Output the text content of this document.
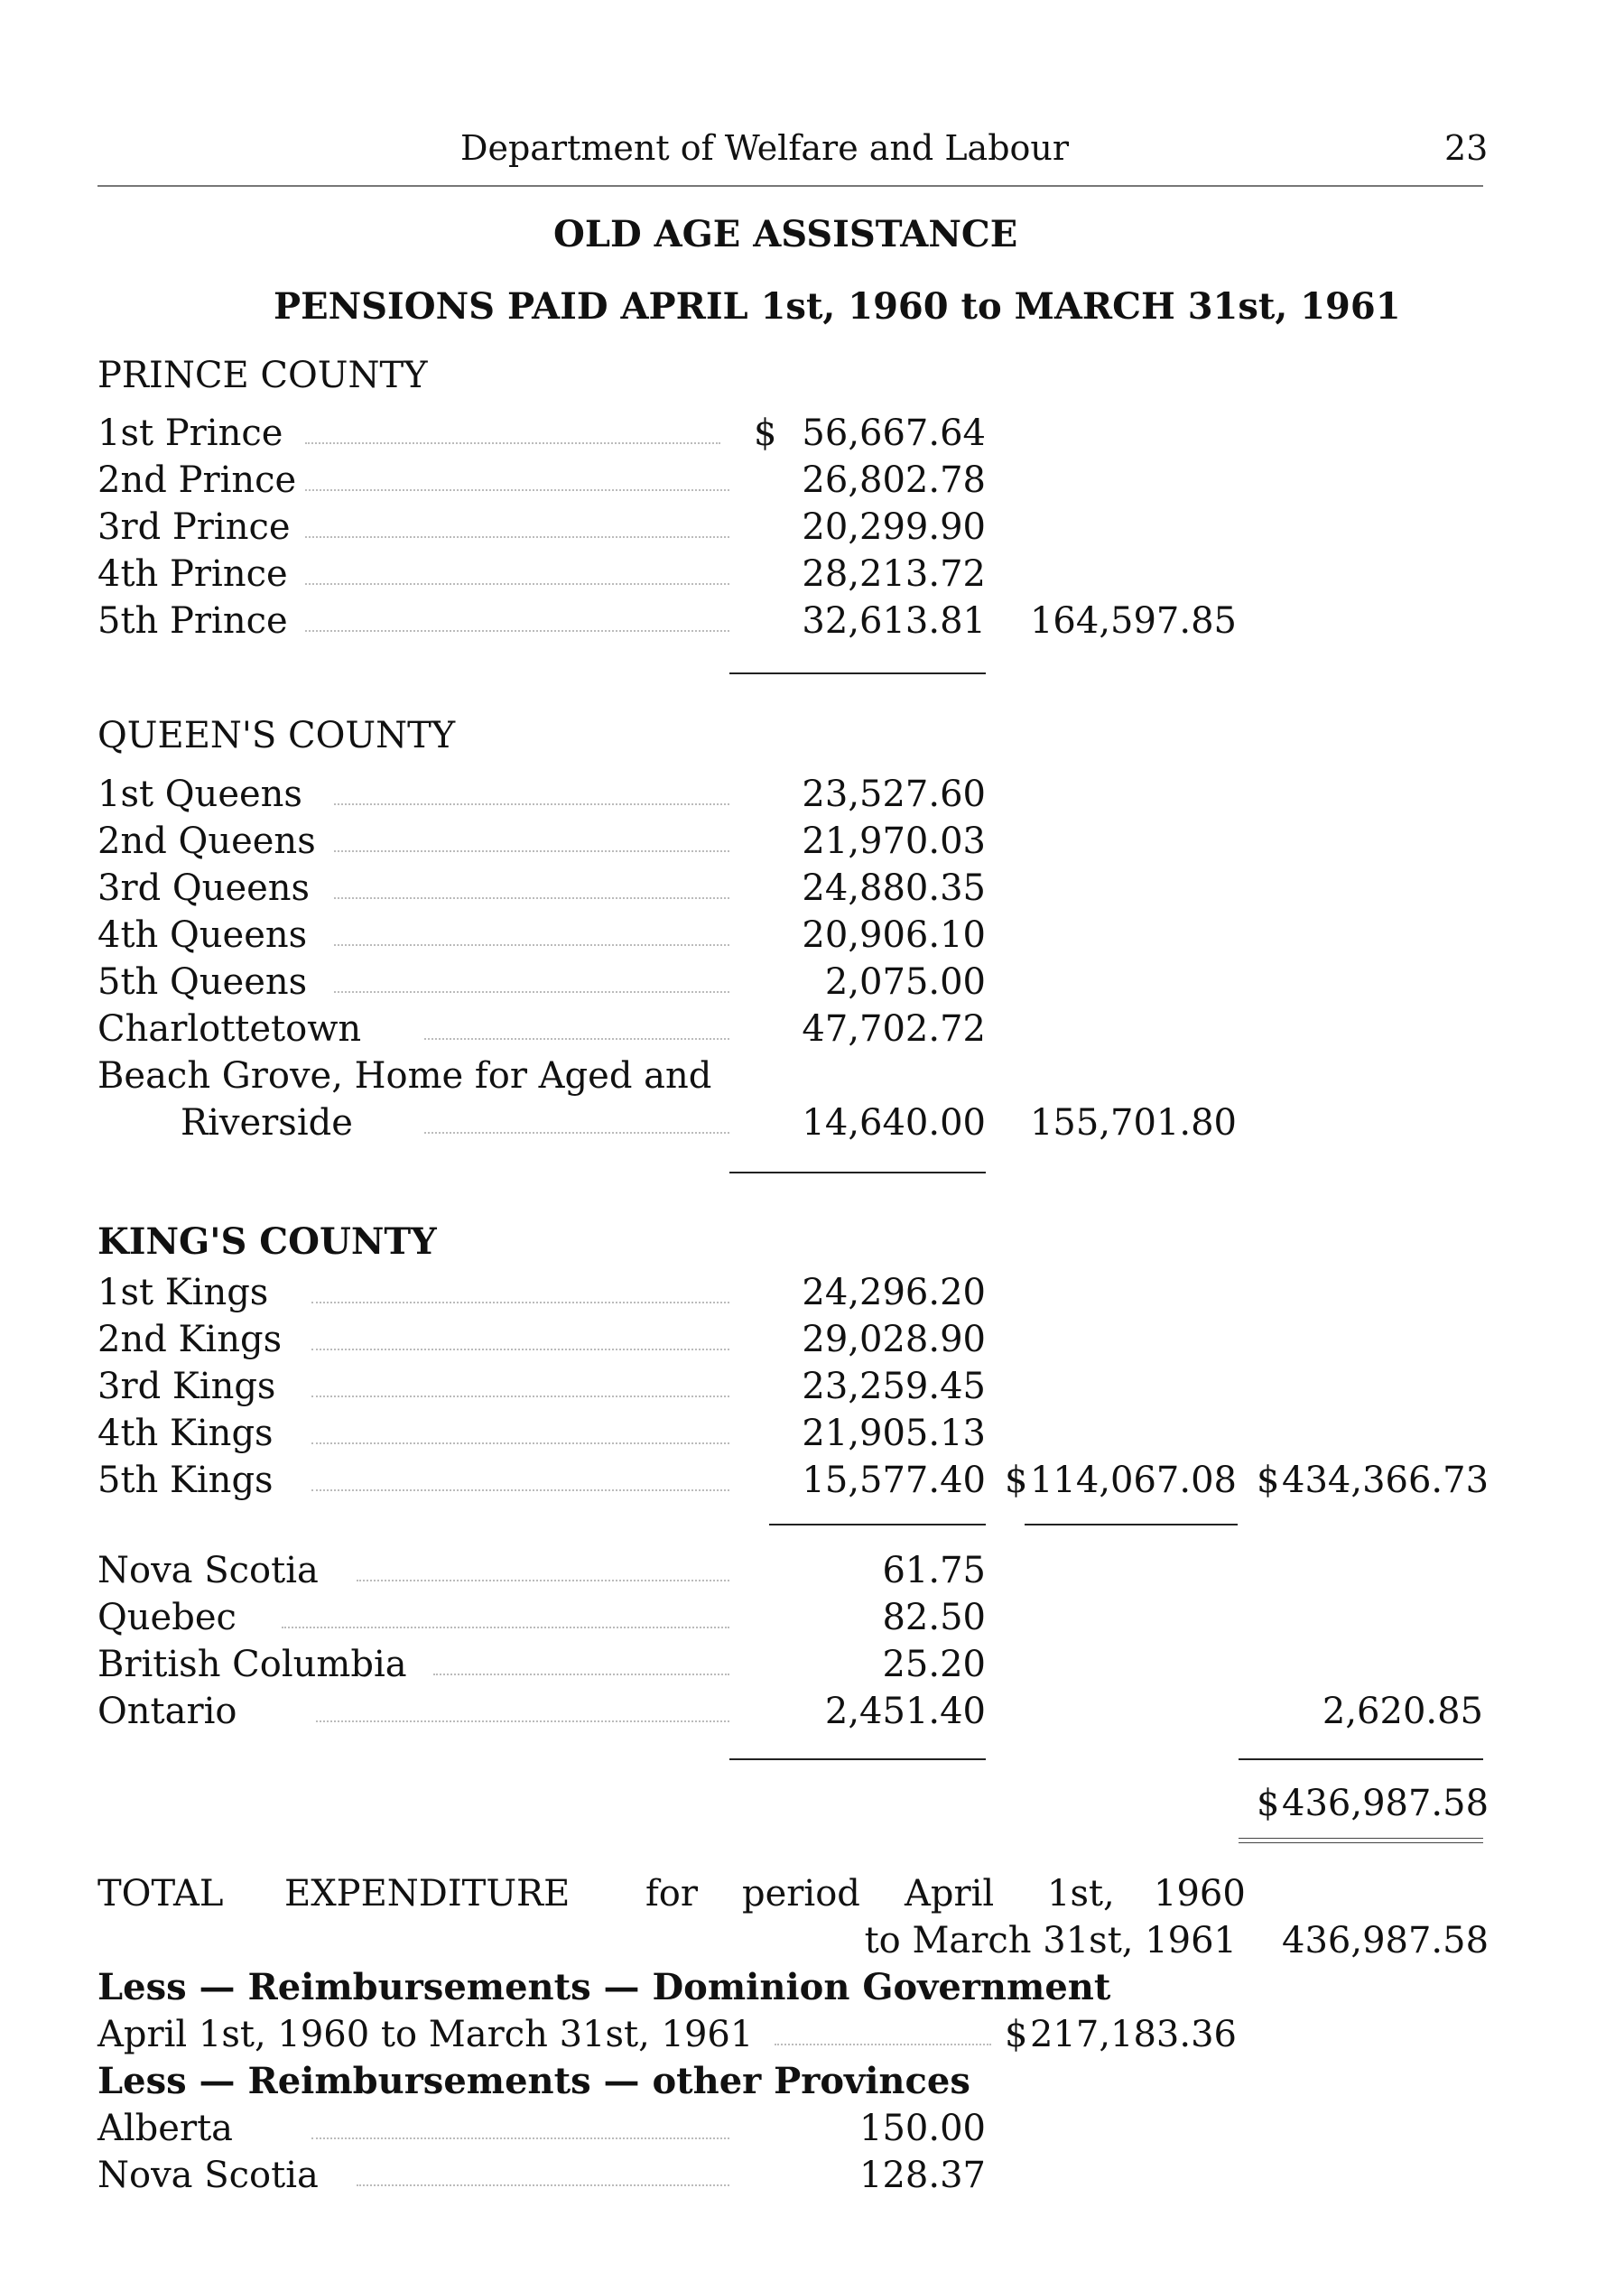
Department of Welfare and Labour	23
OLD AGE ASSISTANCE
PENSIONS PAID APRIL 1st, 1960 to MARCH 31st, 1961
PRINCE COUNTY
$
1st Prince	56,667.64
2nd Prince	26,802.78
3rd Prince	20,299.90
4th Prince	28,213.72
5th Prince	32,613.81	164,597.85
QUEEN'S COUNTY
1st Queens	23,527.60
2nd Queens	21,970.03
3rd Queens	24,880.35
4th Queens	20,906.10
5th Queens	2,075.00
Charlottetown	47,702.72
Beach Grove, Home for Aged and
Riverside	14,640.00	155,701.80
KING'S COUNTY
1st Kings	24,296.20
2nd Kings	29,028.90
3rd Kings	23,259.45
4th Kings	21,905.13
5th Kings	15,577.40 $ 114,067.08 $ 434,366.73
Nova Scotia	61.75
Quebec	82.50
British Columbia	25.20
Ontario	2,451.40	2,620.85
$ 436,987.58
TOTAL EXPENDITURE for period April 1st, 1960
to March 31st, 1961 436,987.58
Less — Reimbursements — Dominion Government
April 1st, 1960 to March 31st, 1961	$ 217,183.36
Less — Reimbursements — other Provinces
Alberta	150.00
Nova Scotia	128.37
